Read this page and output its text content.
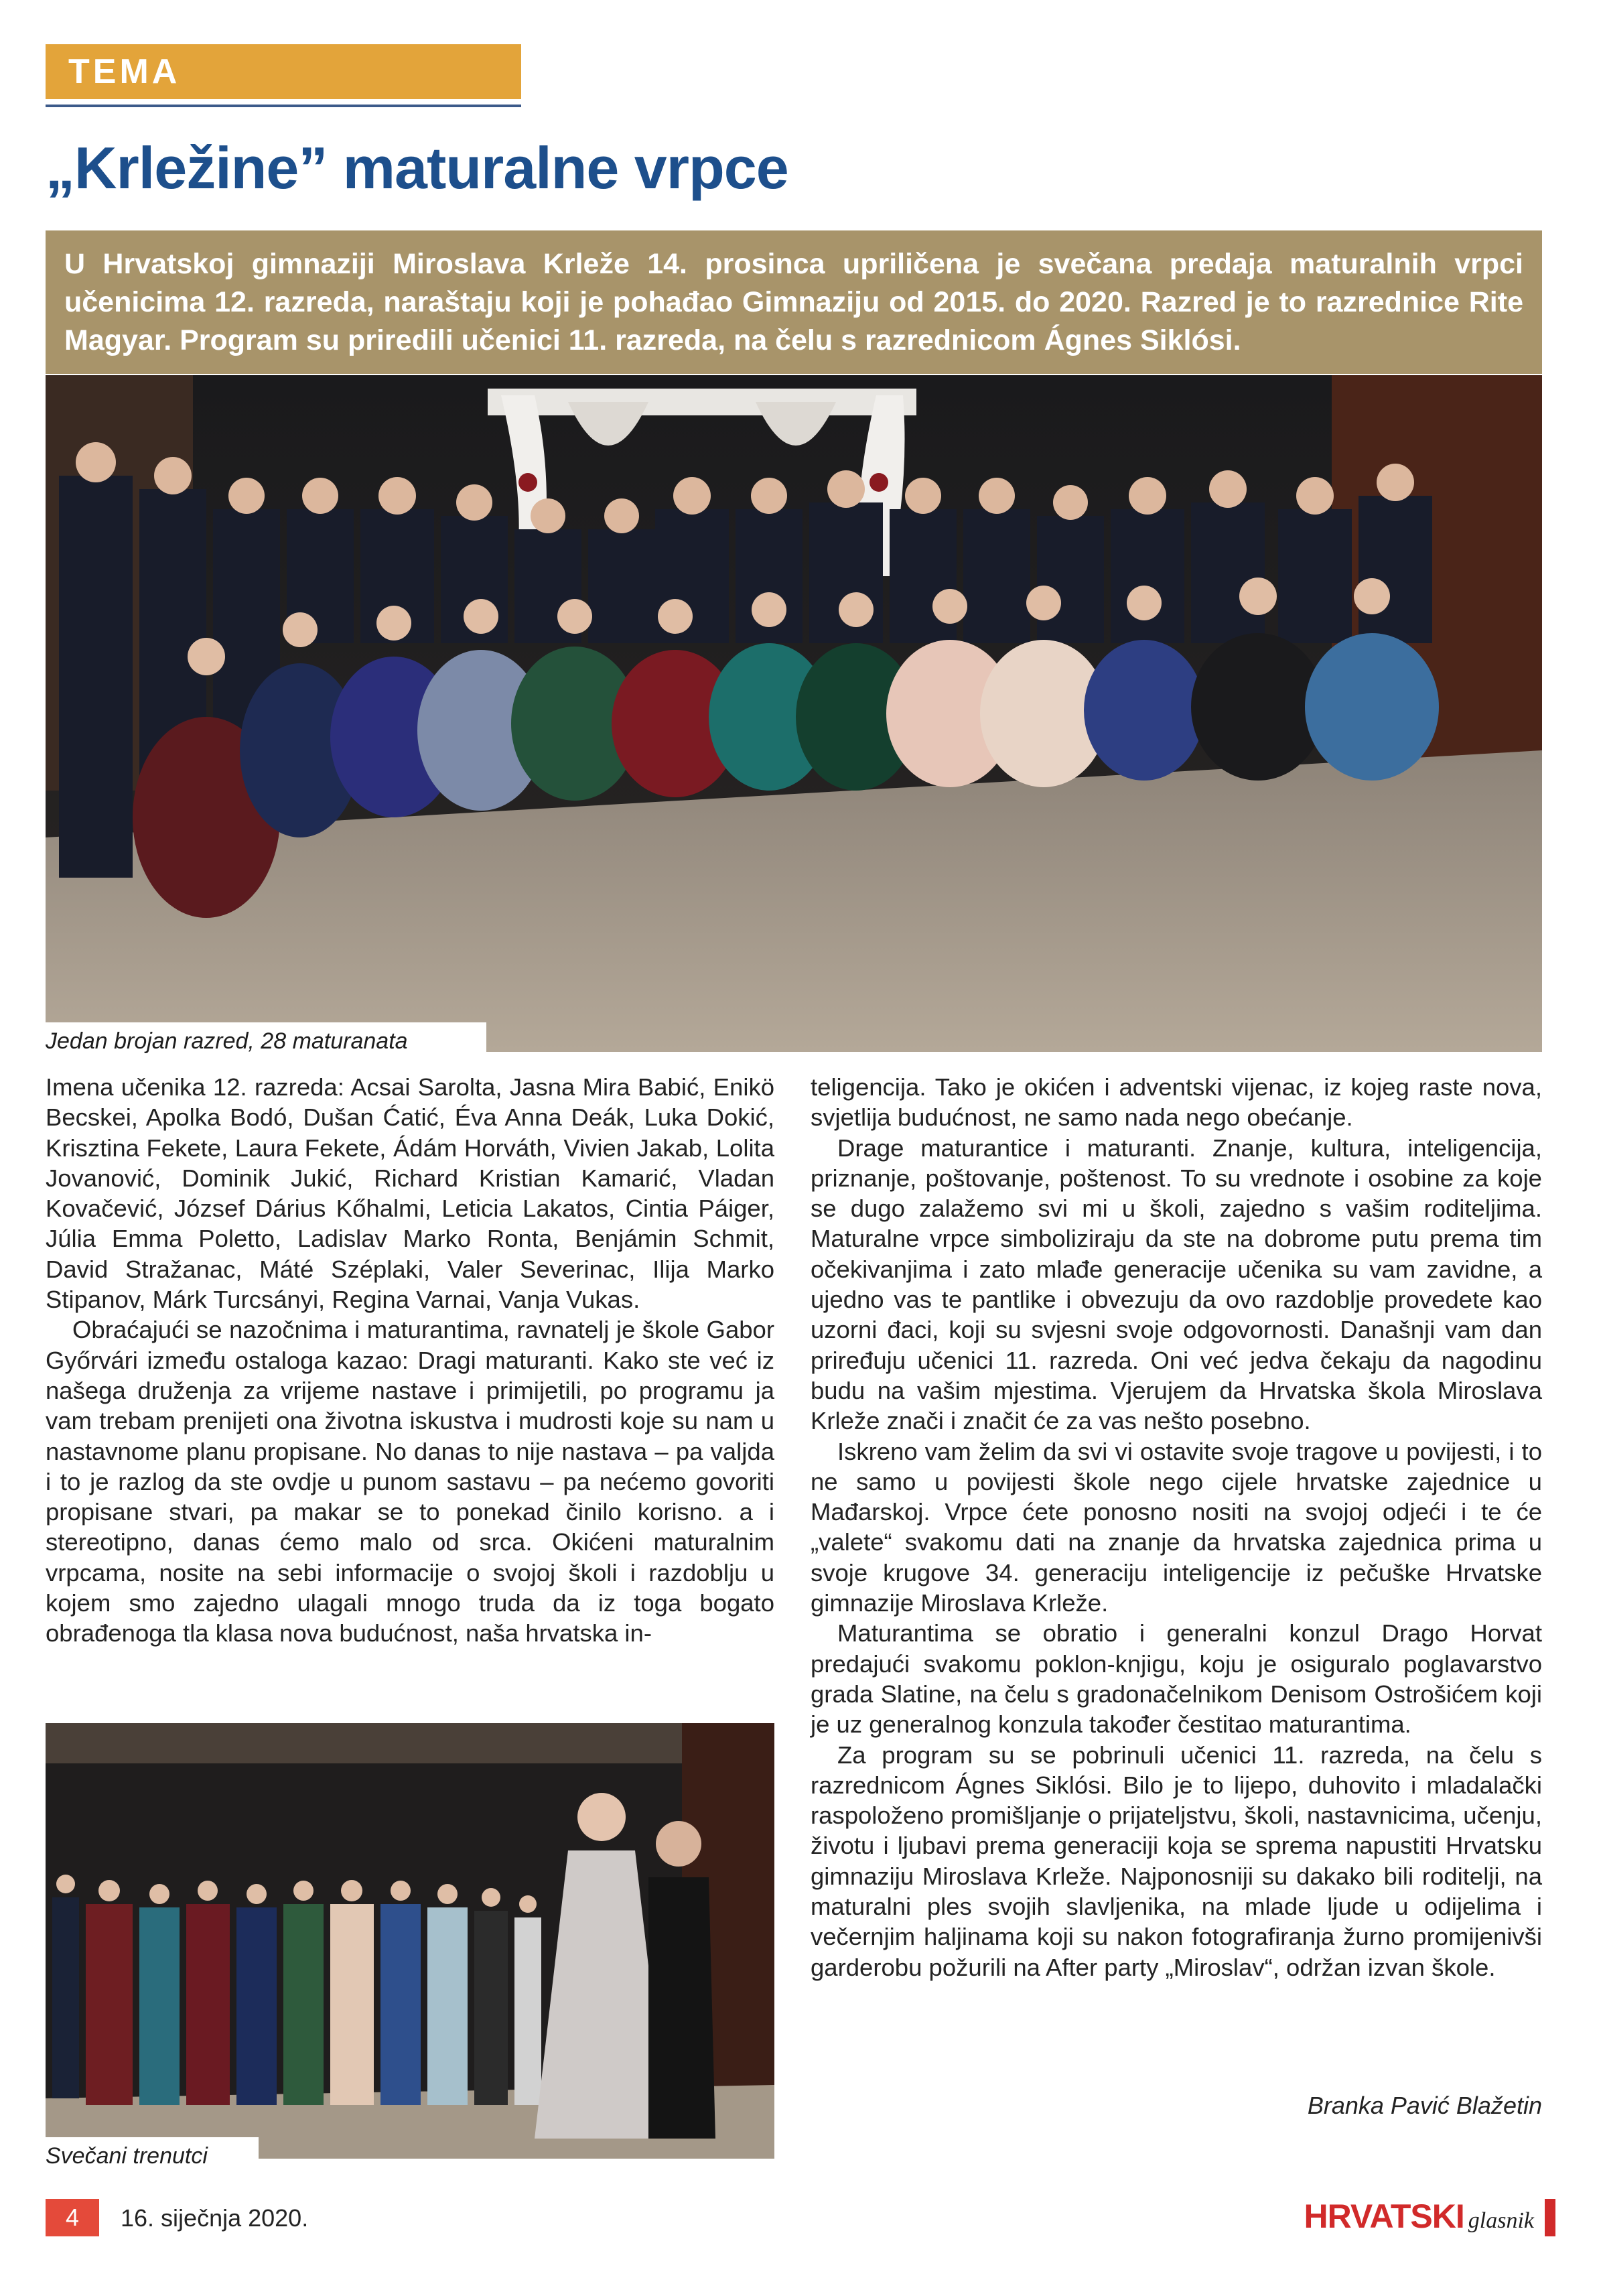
TEMA
„Krležine” maturalne vrpce

U Hrvatskoj gimnaziji Miroslava Krleže 14. prosinca upriličena je svečana predaja maturalnih vrpci učenicima 12. razreda, naraštaju koji je pohađao Gimnaziju od 2015. do 2020. Razred je to razrednice Rite Magyar. Program su priredili učenici 11. razreda, na čelu s razrednicom Ágnes Siklósi.

Jedan brojan razred, 28 maturanata

Imena učenika 12. razreda: Acsai Sarolta, Jasna Mira Babić, Enikö Becskei, Apolka Bodó, Dušan Ćatić, Éva Anna Deák, Luka Dokić, Krisztina Fekete, Laura Fekete, Ádám Horváth, Vivien Jakab, Lolita Jovanović, Dominik Jukić, Richard Kristian Kamarić, Vladan Kovačević, József Dárius Kőhalmi, Leticia Lakatos, Cintia Páiger, Júlia Emma Poletto, Ladislav Marko Ronta, Benjámin Schmit, David Stražanac, Máté Széplaki, Valer Severinac, Ilija Marko Stipanov, Márk Turcsányi, Regina Varnai, Vanja Vukas.

Obraćajući se nazočnima i maturantima, ravnatelj je škole Gabor Győrvári između ostaloga kazao: Dragi maturanti. Kako ste već iz našega druženja za vrijeme nastave i primijetili, po programu ja vam trebam prenijeti ona životna iskustva i mudrosti koje su nam u nastavnome planu propisane. No danas to nije nastava – pa valjda i to je razlog da ste ovdje u punom sastavu – pa nećemo govoriti propisane stvari, pa makar se to ponekad činilo korisno. a i stereotipno, danas ćemo malo od srca. Okićeni maturalnim vrpcama, nosite na sebi informacije o svojoj školi i razdoblju u kojem smo zajedno ulagali mnogo truda da iz toga bogato obrađenoga tla klasa nova budućnost, naša hrvatska in-

Svečani trenutci

teligencija. Tako je okićen i adventski vijenac, iz kojeg raste nova, svjetlija budućnost, ne samo nada nego obećanje.

Drage maturantice i maturanti. Znanje, kultura, inteligencija, priznanje, poštovanje, poštenost. To su vrednote i osobine za koje se dugo zalažemo svi mi u školi, zajedno s vašim roditeljima. Maturalne vrpce simboliziraju da ste na dobrome putu prema tim očekivanjima i zato mlađe generacije učenika su vam zavidne, a ujedno vas te pantlike i obvezuju da ovo razdoblje provedete kao uzorni đaci, koji su svjesni svoje odgovornosti. Današnji vam dan priređuju učenici 11. razreda. Oni već jedva čekaju da nagodinu budu na vašim mjestima. Vjerujem da Hrvatska škola Miroslava Krleže znači i značit će za vas nešto posebno.

Iskreno vam želim da svi vi ostavite svoje tragove u povijesti, i to ne samo u povijesti škole nego cijele hrvatske zajednice u Mađarskoj. Vrpce ćete ponosno nositi na svojoj odjeći i te će „valete“ svakomu dati na znanje da hrvatska zajednica prima u svoje krugove 34. generaciju inteligencije iz pečuške Hrvatske gimnazije Miroslava Krleže.

Maturantima se obratio i generalni konzul Drago Horvat predajući svakomu poklon-knjigu, koju je osiguralo poglavarstvo grada Slatine, na čelu s gradonačelnikom Denisom Ostrošićem koji je uz generalnog konzula također čestitao maturantima.

Za program su se pobrinuli učenici 11. razreda, na čelu s razrednicom Ágnes Siklósi. Bilo je to lijepo, duhovito i mladalački raspoloženo promišljanje o prijateljstvu, školi, nastavnicima, učenju, životu i ljubavi prema generaciji koja se sprema napustiti Hrvatsku gimnaziju Miroslava Krleže. Najponosniji su dakako bili roditelji, na maturalni ples svojih slavljenika, na mlade ljude u odijelima i večernjim haljinama koji su nakon fotografiranja žurno promijenivši garderobu požurili na After party „Miroslav“, održan izvan škole.

Branka Pavić Blažetin
4	16. siječnja 2020.	HRVATSKI glasnik
